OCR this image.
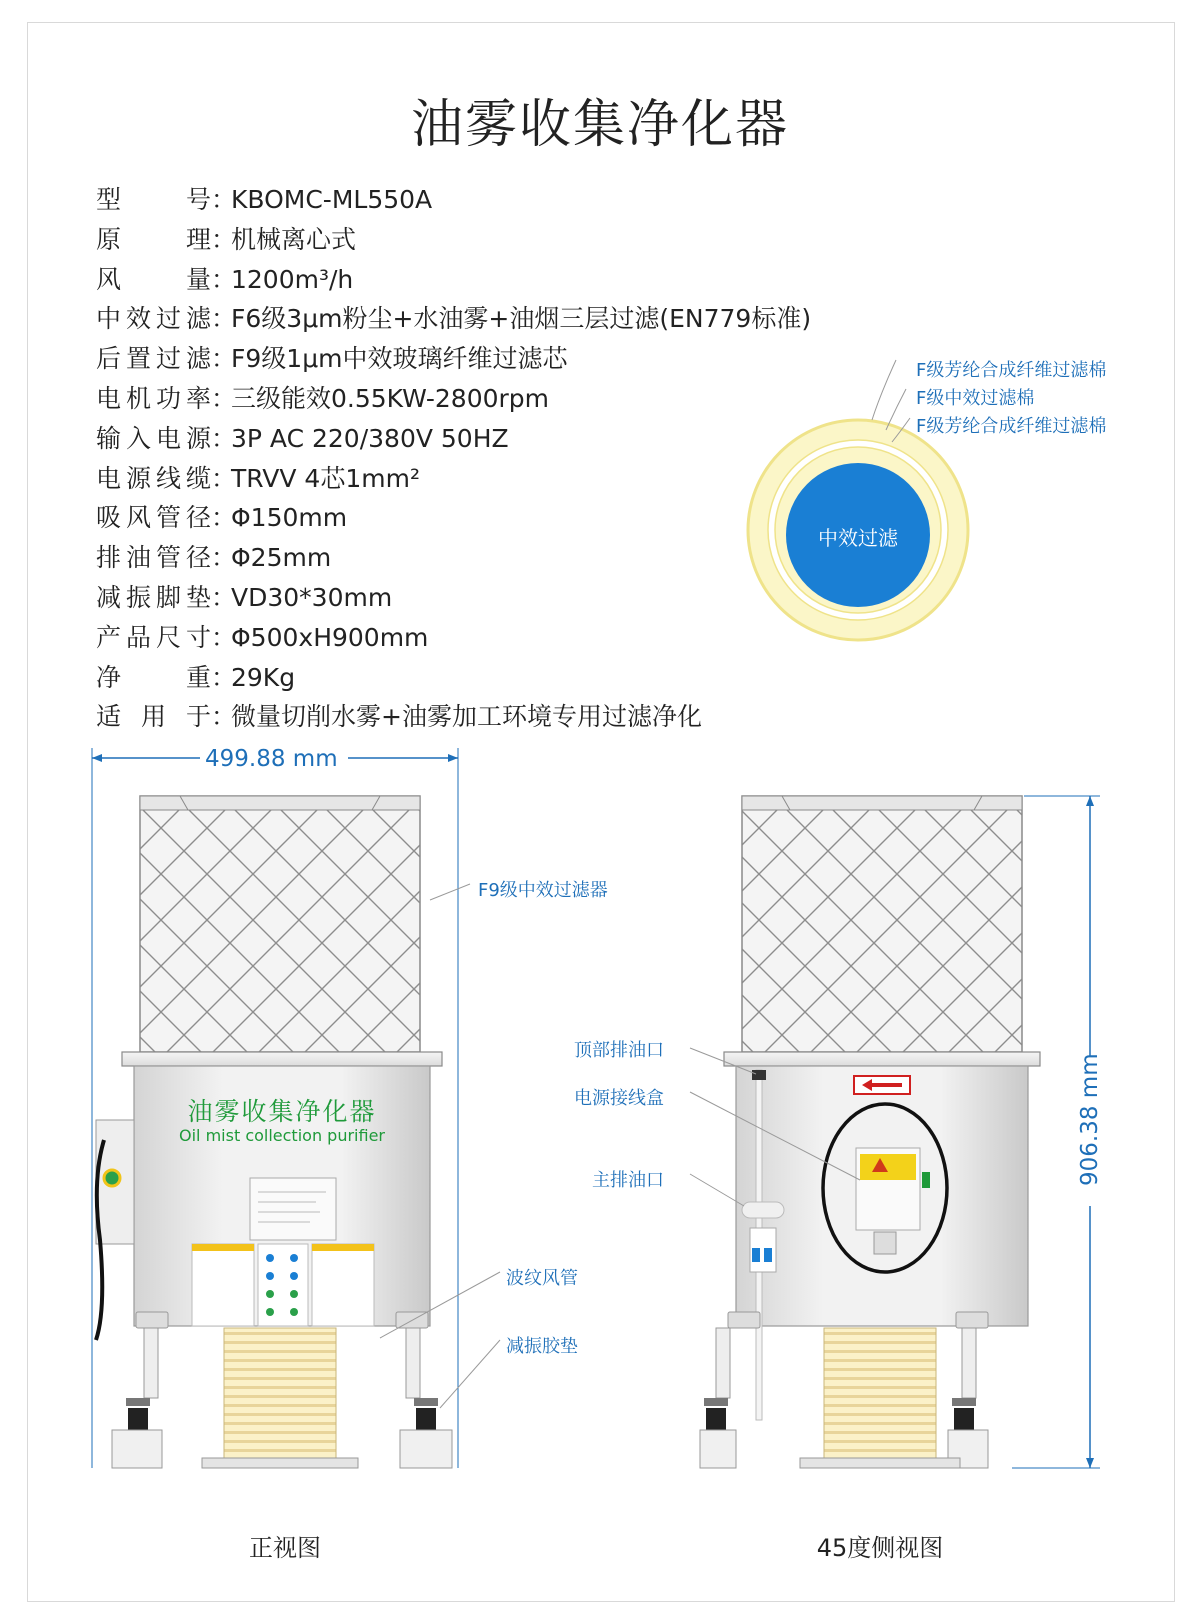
油雾收集净化器
型号：KBOMC-ML550A
原理：机械离心式
风量：1200m³/h
中效过滤：F6级3μm粉尘+水油雾+油烟三层过滤(EN779标准)
后置过滤：F9级1μm中效玻璃纤维过滤芯
电机功率：三级能效0.55KW-2800rpm
输入电源：3P AC 220/380V 50HZ
电源线缆：TRVV 4芯1mm²
吸风管径：Φ150mm
排油管径：Φ25mm
减振脚垫：VD30*30mm
产品尺寸：Φ500xH900mm
净重：29Kg
适用于：微量切削水雾+油雾加工环境专用过滤净化
F级芳纶合成纤维过滤棉
F级中效过滤棉
F级芳纶合成纤维过滤棉
中效过滤
499.88 mm
油雾收集净化器
Oil mist collection purifier
F9级中效过滤器
波纹风管
减振胶垫
正视图
顶部排油口
电源接线盒
主排油口	906.38 mm
45度侧视图
